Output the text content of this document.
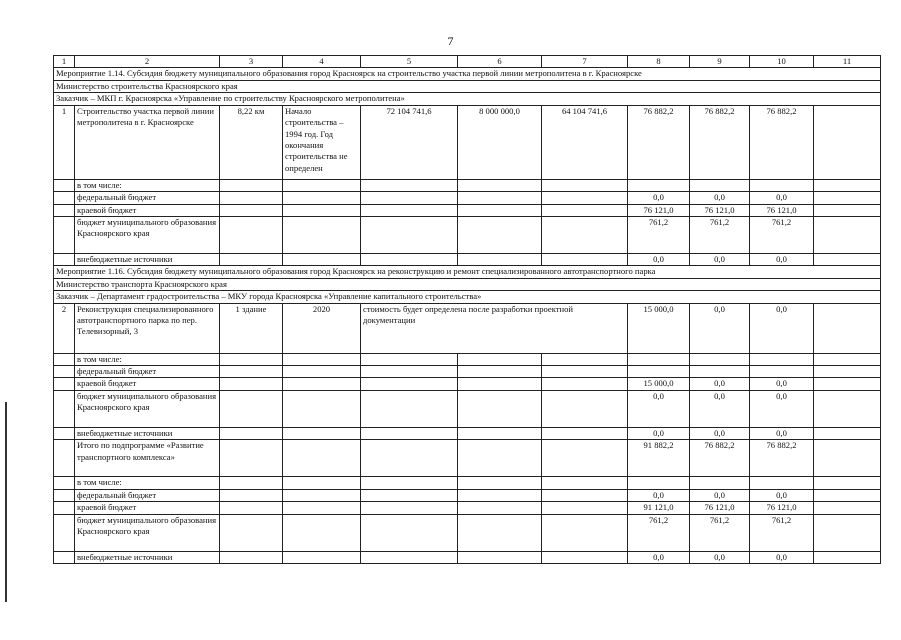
7
1	2	3	4	5	6	7	8	9	10	11
Мероприятие 1.14. Субсидия бюджету муниципального образования город Красноярск на строительство участка первой линии метрополитена в г. Красноярске										
Министерство строительства Красноярского края										
Заказчик – МКП г. Красноярска «Управление по строительству Красноярского метрополитена»										
1	Строительство участка первой линии метрополитена в г. Красноярске	8,22 км	Начало строительства – 1994 год. Год окончания строительства не определен	72 104 741,6	8 000 000,0	64 104 741,6	76 882,2	76 882,2	76 882,2	
	в том числе:									
	федеральный бюджет						0,0	0,0	0,0	
	краевой бюджет						76 121,0	76 121,0	76 121,0	
	бюджет муниципального образования Красноярского края						761,2	761,2	761,2	
	внебюджетные источники						0,0	0,0	0,0	
Мероприятие 1.16. Субсидия бюджету муниципального образования город Красноярск на реконструкцию и ремонт специализированного автотранспортного парка										
Министерство транспорта Красноярского края										
Заказчик – Департамент градостроительства – МКУ города Красноярска «Управление капитального строительства»										
2	Реконструкция специализированного автотранспортного парка по пер. Телевизорный, 3	1 здание	2020	стоимость будет определена после разработки проектной документации			15 000,0	0,0	0,0	
	в том числе:									
	федеральный бюджет									
	краевой бюджет						15 000,0	0,0	0,0	
	бюджет муниципального образования Красноярского края						0,0	0,0	0,0	
	внебюджетные источники						0,0	0,0	0,0	
	Итого по подпрограмме «Развитие транспортного комплекса»						91 882,2	76 882,2	76 882,2	
	в том числе:									
	федеральный бюджет						0,0	0,0	0,0	
	краевой бюджет						91 121,0	76 121,0	76 121,0	
	бюджет муниципального образования Красноярского края						761,2	761,2	761,2	
	внебюджетные источники						0,0	0,0	0,0	
